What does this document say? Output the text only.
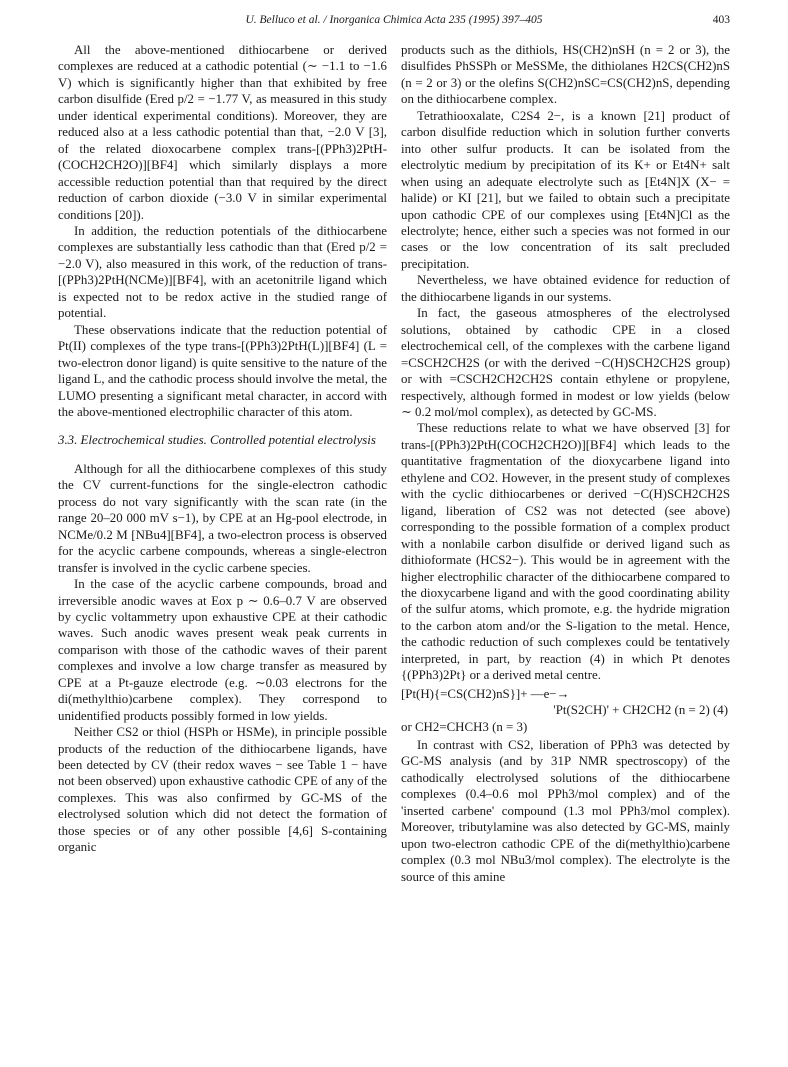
U. Belluco et al. / Inorganica Chimica Acta 235 (1995) 397–405	403

All the above-mentioned dithiocarbene or derived complexes are reduced at a cathodic potential (∼ −1.1 to −1.6 V) which is significantly higher than that exhibited by free carbon disulfide (Ered p/2 = −1.77 V, as measured in this study under identical experimental conditions). Moreover, they are reduced also at a less cathodic potential than that, −2.0 V [3], of the related dioxocarbene complex trans-[(PPh3)2PtH-(COCH2CH2O)][BF4] which similarly displays a more accessible reduction potential than that required by the direct reduction of carbon dioxide (−3.0 V in similar experimental conditions [20]).

In addition, the reduction potentials of the dithiocarbene complexes are substantially less cathodic than that (Ered p/2 = −2.0 V), also measured in this work, of the reduction of trans-[(PPh3)2PtH(NCMe)][BF4], with an acetonitrile ligand which is expected not to be redox active in the studied range of potential.

These observations indicate that the reduction potential of Pt(II) complexes of the type trans-[(PPh3)2PtH(L)][BF4] (L = two-electron donor ligand) is quite sensitive to the nature of the ligand L, and the cathodic process should involve the metal, the LUMO presenting a significant metal character, in accord with the above-mentioned electrophilic character of this atom.

3.3. Electrochemical studies. Controlled potential electrolysis

Although for all the dithiocarbene complexes of this study the CV current-functions for the single-electron cathodic process do not vary significantly with the scan rate (in the range 20–20 000 mV s−1), by CPE at an Hg-pool electrode, in NCMe/0.2 M [NBu4][BF4], a two-electron process is observed for the acyclic carbene compounds, whereas a single-electron transfer is involved in the cyclic carbene species.

In the case of the acyclic carbene compounds, broad and irreversible anodic waves at Eox p ∼ 0.6–0.7 V are observed by cyclic voltammetry upon exhaustive CPE at their cathodic waves. Such anodic waves present weak peak currents in comparison with those of the cathodic waves of their parent complexes and involve a low charge transfer as measured by CPE at a Pt-gauze electrode (e.g. ∼0.03 electrons for the di(methylthio)carbene complex). They correspond to unidentified products possibly formed in low yields.

Neither CS2 or thiol (HSPh or HSMe), in principle possible products of the reduction of the dithiocarbene ligands, have been detected by CV (their redox waves − see Table 1 − have not been observed) upon exhaustive cathodic CPE of any of the complexes. This was also confirmed by GC-MS of the electrolysed solution which did not detect the formation of those species or of any other possible [4,6] S-containing organic

products such as the dithiols, HS(CH2)nSH (n = 2 or 3), the disulfides PhSSPh or MeSSMe, the dithiolanes H2CS(CH2)nS (n = 2 or 3) or the olefins S(CH2)nSC=CS(CH2)nS, depending on the dithiocarbene complex.

Tetrathiooxalate, C2S4 2−, is a known [21] product of carbon disulfide reduction which in solution further converts into other sulfur products. It can be isolated from the electrolytic medium by precipitation of its K+ or Et4N+ salt when using an adequate electrolyte such as [Et4N]X (X− = halide) or KI [21], but we failed to obtain such a precipitate upon cathodic CPE of our complexes using [Et4N]Cl as the electrolyte; hence, either such a species was not formed in our cases or the low concentration of its salt precluded precipitation.

Nevertheless, we have obtained evidence for reduction of the dithiocarbene ligands in our systems.

In fact, the gaseous atmospheres of the electrolysed solutions, obtained by cathodic CPE in a closed electrochemical cell, of the complexes with the carbene ligand =CSCH2CH2S (or with the derived −C(H)SCH2CH2S group) or with =CSCH2CH2CH2S contain ethylene or propylene, respectively, although formed in modest or low yields (below ∼ 0.2 mol/mol complex), as detected by GC-MS.

These reductions relate to what we have observed [3] for trans-[(PPh3)2PtH(COCH2CH2O)][BF4] which leads to the quantitative fragmentation of the dioxycarbene ligand into ethylene and CO2. However, in the present study of complexes with the cyclic dithiocarbenes or derived −C(H)SCH2CH2S ligand, liberation of CS2 was not detected (see above) corresponding to the possible formation of a complex product with a nonlabile carbon disulfide or derived ligand such as dithioformate (HCS2−). This would be in agreement with the higher electrophilic character of the dithiocarbene compared to the dioxycarbene ligand and with the good coordinating ability of the sulfur atoms, which promote, e.g. the hydride migration to the carbon atom and/or the S-ligation to the metal. Hence, the cathodic reduction of such complexes could be tentatively interpreted, in part, by reaction (4) in which Pt denotes {(PPh3)2Pt} or a derived metal centre.

[Pt(H){=CS(CH2)nS}]+ —e−→
'Pt(S2CH)' + CH2CH2 (n = 2) (4)
or CH2=CHCH3 (n = 3)

In contrast with CS2, liberation of PPh3 was detected by GC-MS analysis (and by 31P NMR spectroscopy) of the cathodically electrolysed solutions of the dithiocarbene complexes (0.4–0.6 mol PPh3/mol complex) and of the 'inserted carbene' compound (1.3 mol PPh3/mol complex). Moreover, tributylamine was also detected by GC-MS, mainly upon two-electron cathodic CPE of the di(methylthio)carbene complex (0.3 mol NBu3/mol complex). The electrolyte is the source of this amine
